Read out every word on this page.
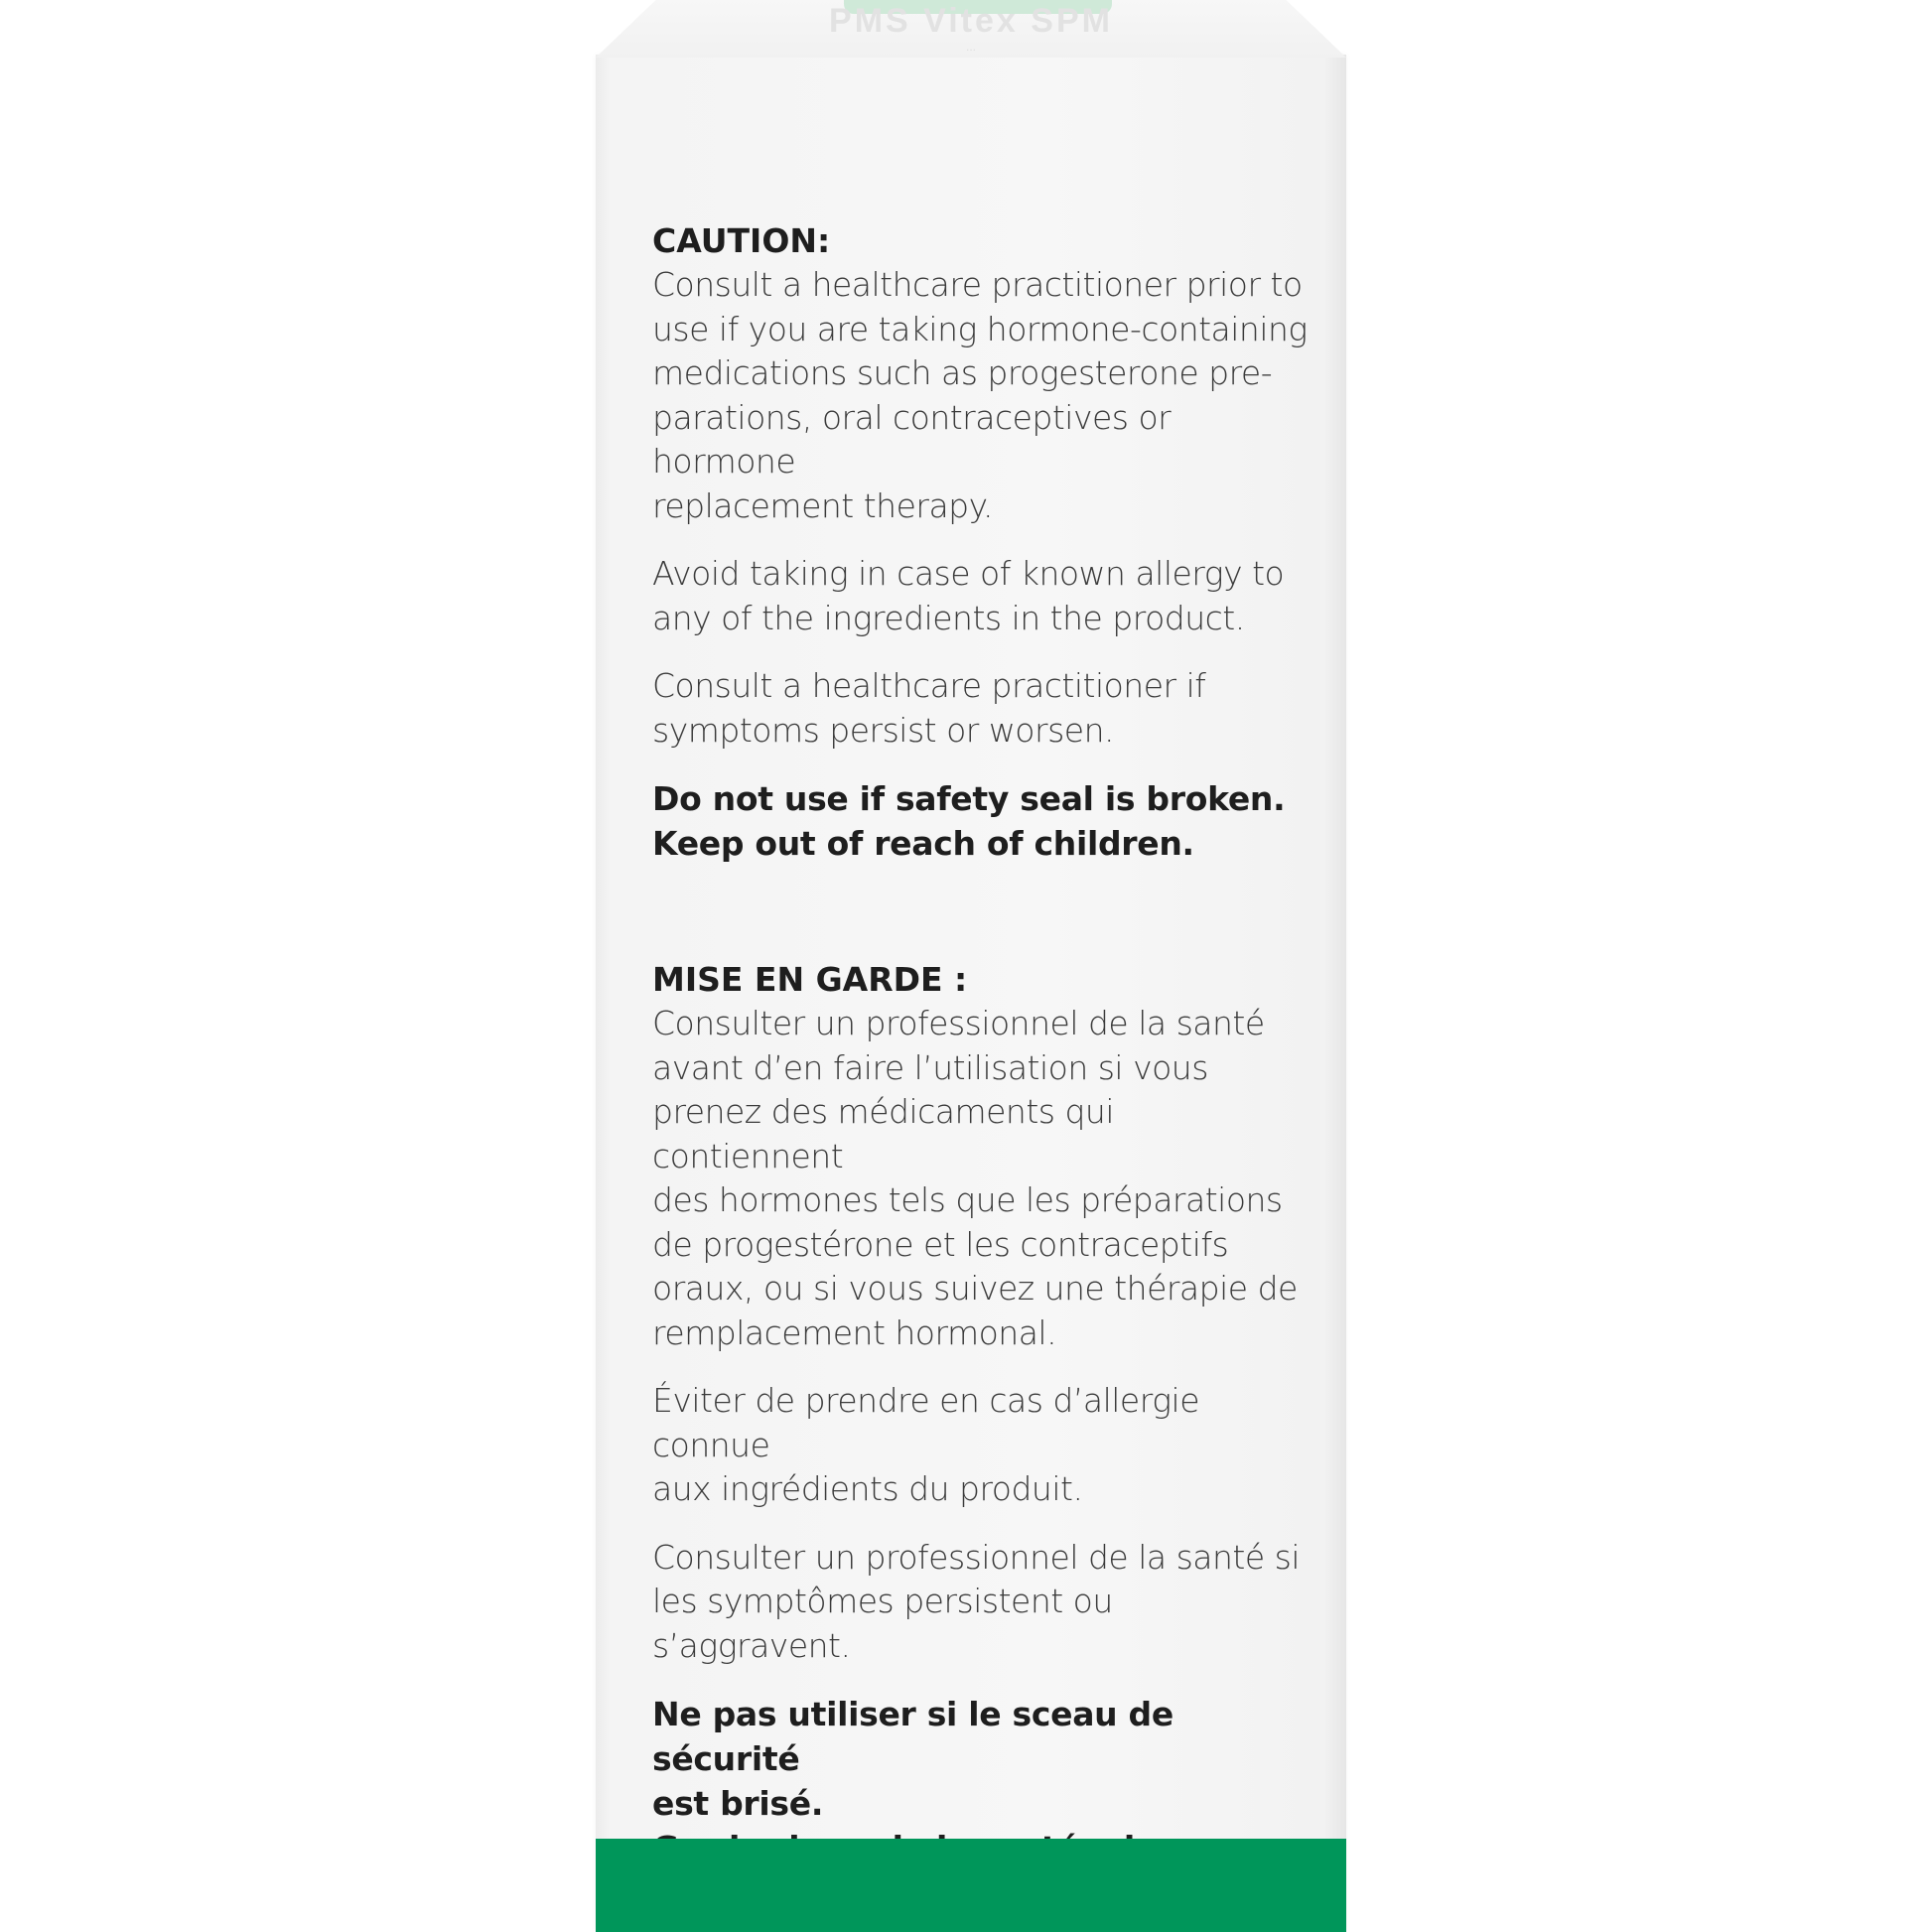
PMS Vitex SPM
...
CAUTION:

Consult a healthcare practitioner prior to
use if you are taking hormone-containing
medications such as progesterone pre-
parations, oral contraceptives or hormone
replacement therapy.

Avoid taking in case of known allergy to
any of the ingredients in the product.

Consult a healthcare practitioner if
symptoms persist or worsen.

Do not use if safety seal is broken.
Keep out of reach of children.
MISE EN GARDE :

Consulter un professionnel de la santé
avant d’en faire l’utilisation si vous
prenez des médicaments qui contiennent
des hormones tels que les préparations
de progestérone et les contraceptifs
oraux, ou si vous suivez une thérapie de
remplacement hormonal.

Éviter de prendre en cas d’allergie connue
aux ingrédients du produit.

Consulter un professionnel de la santé si
les symptômes persistent ou s’aggravent.

Ne pas utiliser si le sceau de sécurité
est brisé.
